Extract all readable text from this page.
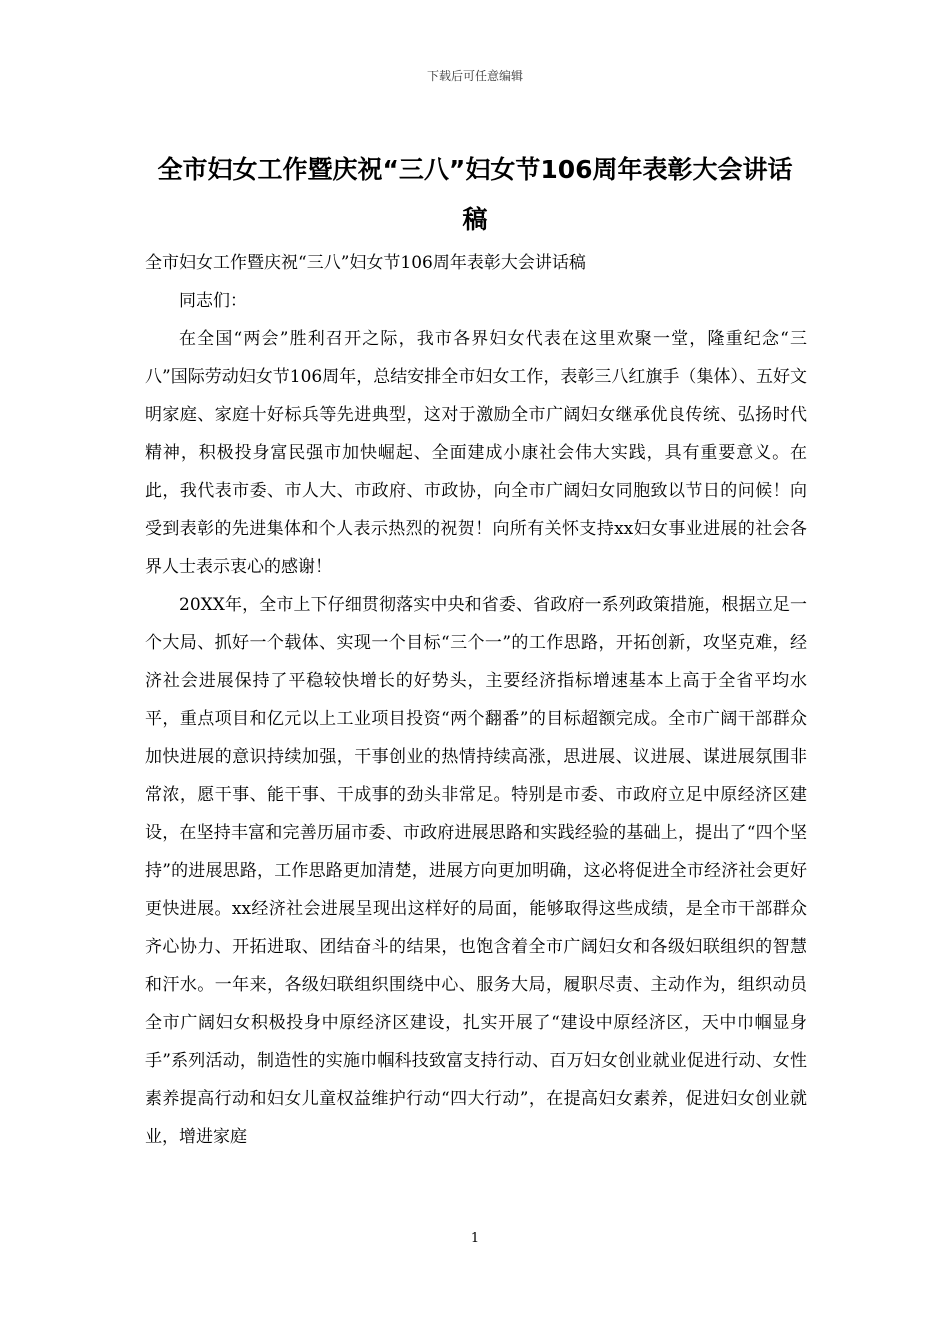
下载后可任意编辑
全市妇女工作暨庆祝“三八”妇女节106周年表彰大会讲话稿

全市妇女工作暨庆祝“三八”妇女节106周年表彰大会讲话稿

同志们：

在全国“两会”胜利召开之际，我市各界妇女代表在这里欢聚一堂，隆重纪念“三八”国际劳动妇女节106周年，总结安排全市妇女工作，表彰三八红旗手（集体）、五好文明家庭、家庭十好标兵等先进典型，这对于激励全市广阔妇女继承优良传统、弘扬时代精神，积极投身富民强市加快崛起、全面建成小康社会伟大实践，具有重要意义。在此，我代表市委、市人大、市政府、市政协，向全市广阔妇女同胞致以节日的问候！向受到表彰的先进集体和个人表示热烈的祝贺！向所有关怀支持xx妇女事业进展的社会各界人士表示衷心的感谢！

20XX年，全市上下仔细贯彻落实中央和省委、省政府一系列政策措施，根据立足一个大局、抓好一个载体、实现一个目标“三个一”的工作思路，开拓创新，攻坚克难，经济社会进展保持了平稳较快增长的好势头，主要经济指标增速基本上高于全省平均水平，重点项目和亿元以上工业项目投资“两个翻番”的目标超额完成。全市广阔干部群众加快进展的意识持续加强，干事创业的热情持续高涨，思进展、议进展、谋进展氛围非常浓，愿干事、能干事、干成事的劲头非常足。特别是市委、市政府立足中原经济区建设，在坚持丰富和完善历届市委、市政府进展思路和实践经验的基础上，提出了“四个坚持”的进展思路，工作思路更加清楚，进展方向更加明确，这必将促进全市经济社会更好更快进展。xx经济社会进展呈现出这样好的局面，能够取得这些成绩，是全市干部群众齐心协力、开拓进取、团结奋斗的结果，也饱含着全市广阔妇女和各级妇联组织的智慧和汗水。一年来，各级妇联组织围绕中心、服务大局，履职尽责、主动作为，组织动员全市广阔妇女积极投身中原经济区建设，扎实开展了“建设中原经济区，天中巾帼显身手”系列活动，制造性的实施巾帼科技致富支持行动、百万妇女创业就业促进行动、女性素养提高行动和妇女儿童权益维护行动“四大行动”，在提高妇女素养，促进妇女创业就业，增进家庭

1
